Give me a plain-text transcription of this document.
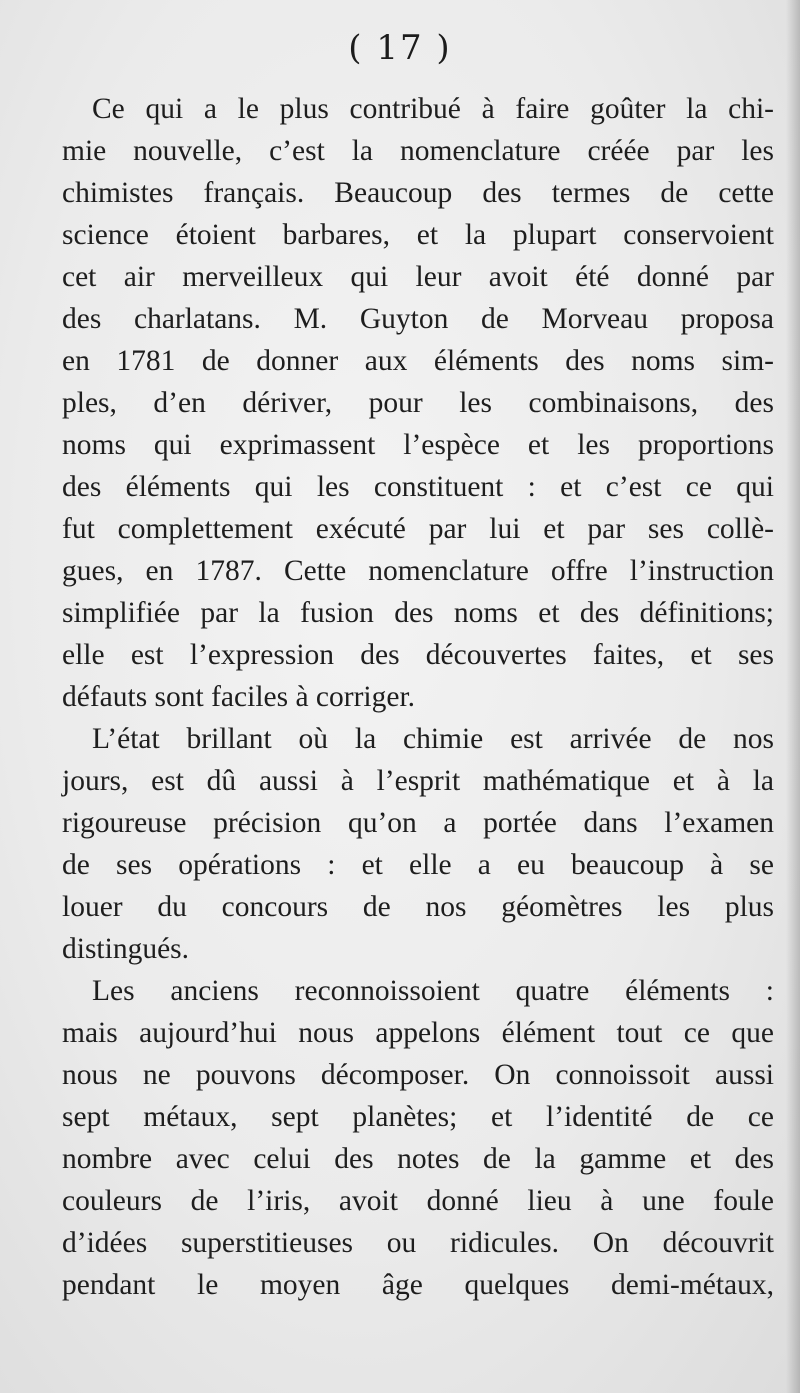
( 17 )
Ce qui a le plus contribué à faire goûter la chi-
mie nouvelle, c’est la nomenclature créée par les
chimistes français. Beaucoup des termes de cette
science étoient barbares, et la plupart conservoient
cet air merveilleux qui leur avoit été donné par
des charlatans. M. Guyton de Morveau proposa
en 1781 de donner aux éléments des noms sim-
ples, d’en dériver, pour les combinaisons, des
noms qui exprimassent l’espèce et les proportions
des éléments qui les constituent : et c’est ce qui
fut complettement exécuté par lui et par ses collè-
gues, en 1787. Cette nomenclature offre l’instruction
simplifiée par la fusion des noms et des définitions;
elle est l’expression des découvertes faites, et ses
défauts sont faciles à corriger.
L’état brillant où la chimie est arrivée de nos
jours, est dû aussi à l’esprit mathématique et à la
rigoureuse précision qu’on a portée dans l’examen
de ses opérations : et elle a eu beaucoup à se
louer du concours de nos géomètres les plus
distingués.
Les anciens reconnoissoient quatre éléments :
mais aujourd’hui nous appelons élément tout ce que
nous ne pouvons décomposer. On connoissoit aussi
sept métaux, sept planètes; et l’identité de ce
nombre avec celui des notes de la gamme et des
couleurs de l’iris, avoit donné lieu à une foule
d’idées superstitieuses ou ridicules. On découvrit
pendant le moyen âge quelques demi-métaux,
